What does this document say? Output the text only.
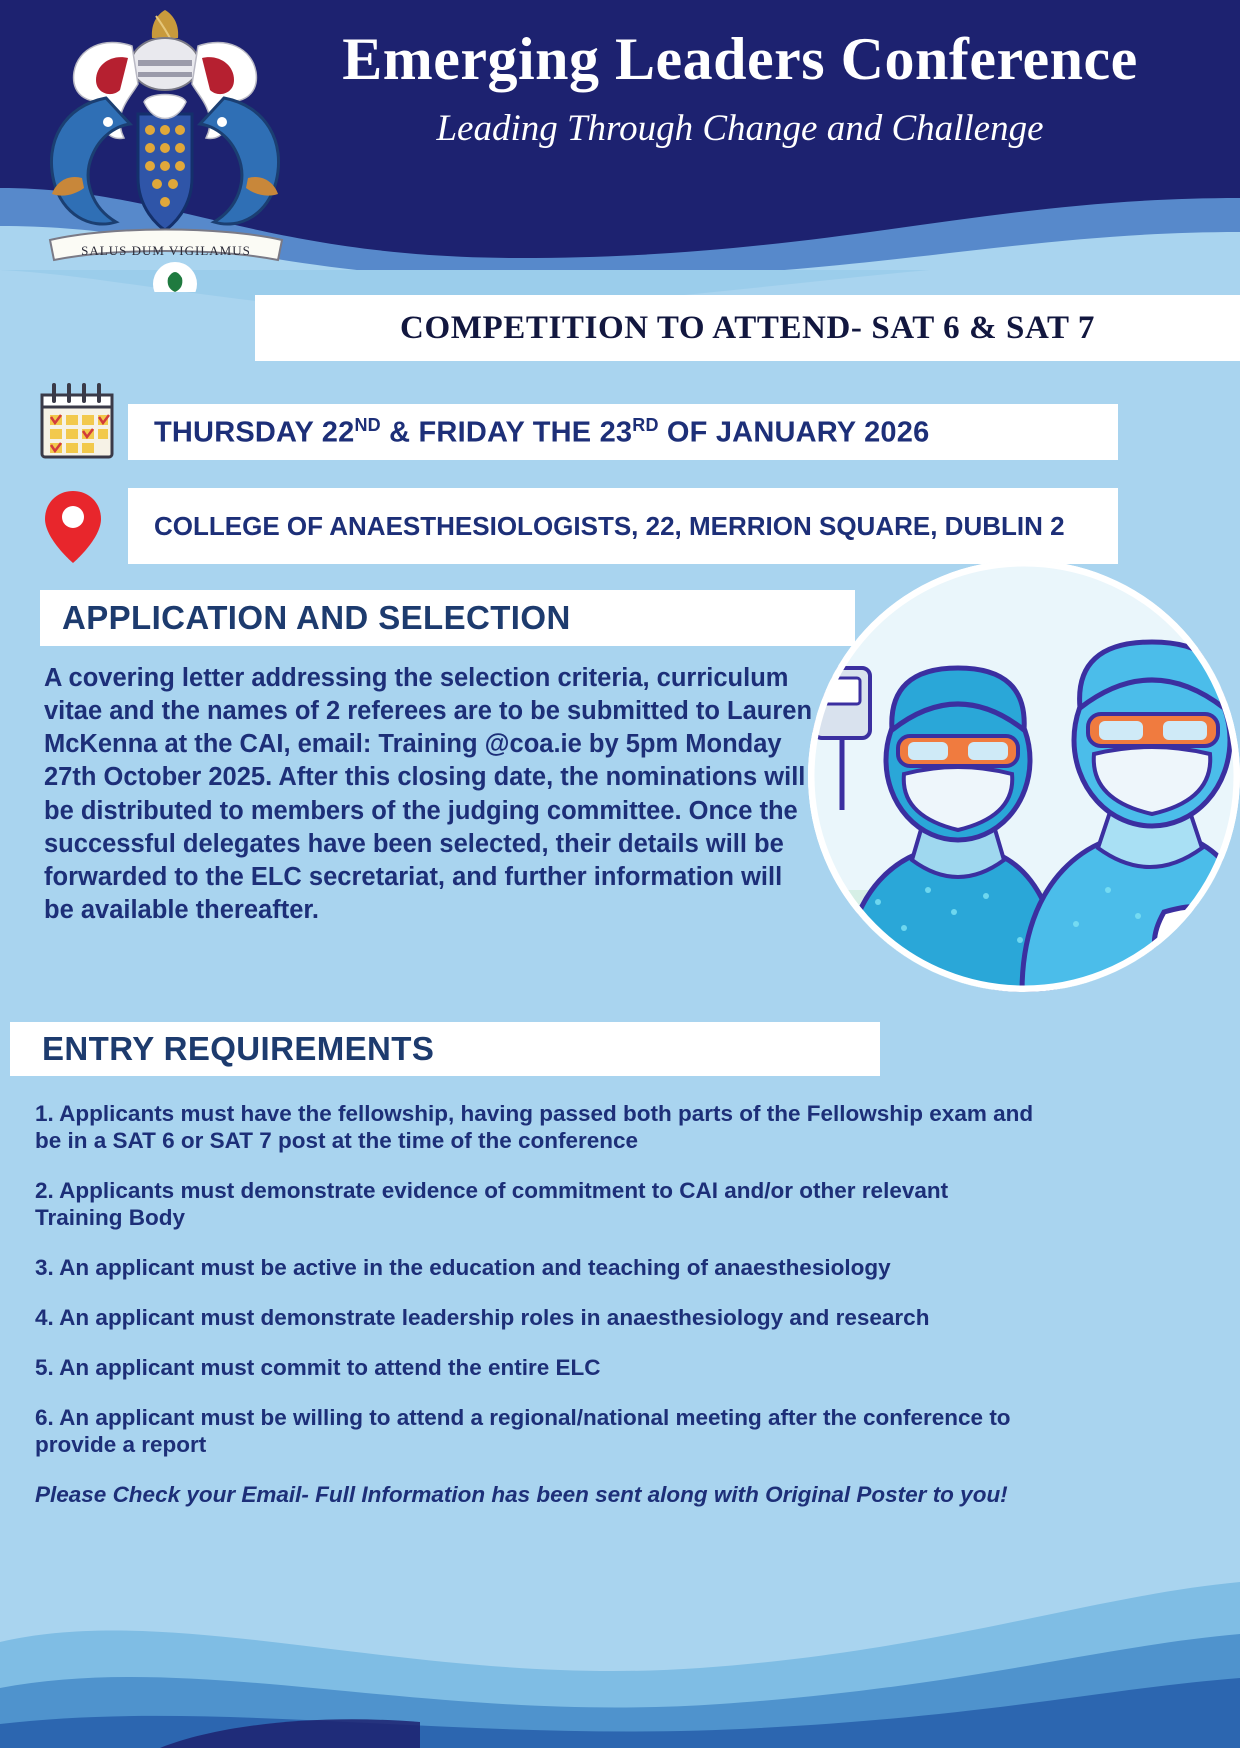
Emerging Leaders Conference
Leading Through Change and Challenge
SALUS DUM VIGILAMUS
COMPETITION TO ATTEND- SAT 6 & SAT 7
THURSDAY 22ND & FRIDAY THE 23RD OF JANUARY 2026
COLLEGE OF ANAESTHESIOLOGISTS, 22, MERRION SQUARE, DUBLIN 2
APPLICATION AND SELECTION
A covering letter addressing the selection criteria, curriculum vitae and the names of 2 referees are to be submitted to Lauren McKenna at the CAI, email: Training @coa.ie by 5pm Monday 27th October 2025. After this closing date, the nominations will be distributed to members of the judging committee. Once the successful delegates have been selected, their details will be forwarded to the ELC secretariat, and further information will be available thereafter.
ENTRY REQUIREMENTS
1. Applicants must have the fellowship, having passed both parts of the Fellowship exam and be in a SAT 6 or SAT 7 post at the time of the conference
2. Applicants must demonstrate evidence of commitment to CAI and/or other relevant Training Body
3. An applicant must be active in the education and teaching of anaesthesiology
4. An applicant must demonstrate leadership roles in anaesthesiology and research
5. An applicant must commit to attend the entire ELC
6. An applicant must be willing to attend a regional/national meeting after the conference to provide a report
Please Check your Email- Full Information has been sent along with Original Poster to you!
